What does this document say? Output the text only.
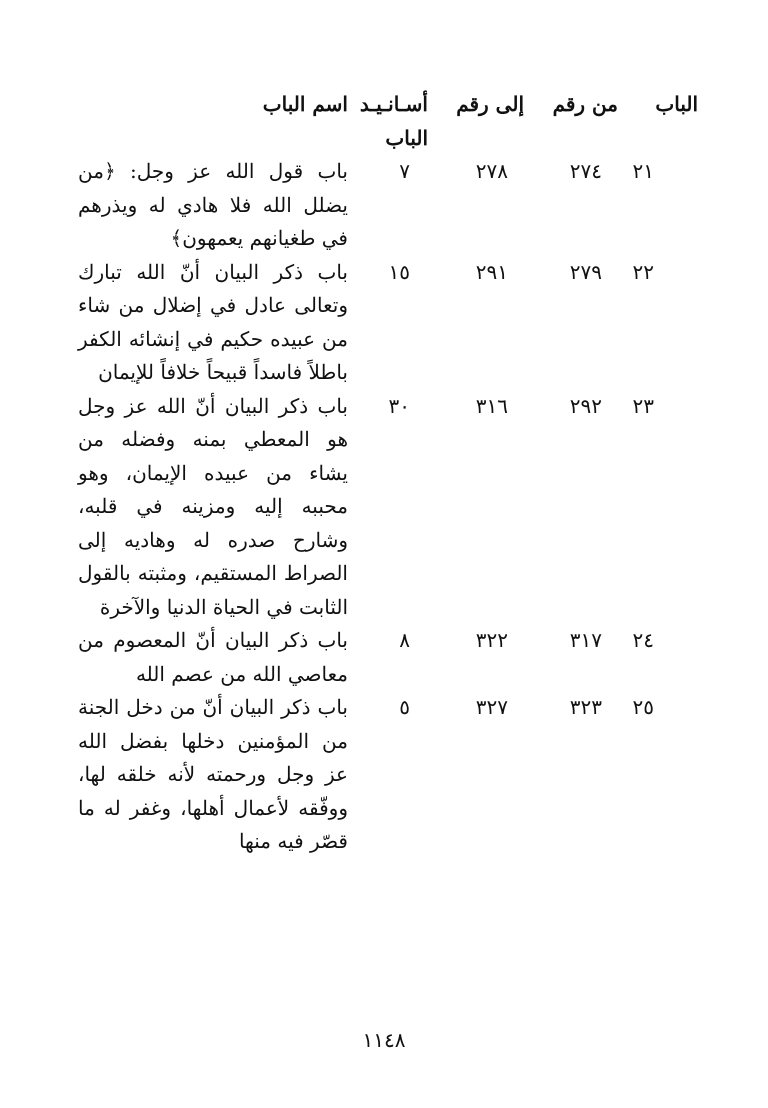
الباب
من رقم
إلى رقم
أسـانـيـد الباب
اسم الباب
٢١
٢٧٤
٢٧٨
٧
باب قول الله عز وجل: ﴿من يضلل الله فلا هادي له ويذرهم في طغيانهم يعمهون﴾
٢٢
٢٧٩
٢٩١
١٥
باب ذكر البيان أنّ الله تبارك وتعالى عادل في إضلال من شاء من عبيده حكيم في إنشائه الكفر باطلاً فاسداً قبيحاً خلافاً للإيمان
٢٣
٢٩٢
٣١٦
٣٠
باب ذكر البيان أنّ الله عز وجل هو المعطي بمنه وفضله من يشاء من عبيده الإيمان، وهو محببه إليه ومزينه في قلبه، وشارح صدره له وهاديه إلى الصراط المستقيم، ومثبته بالقول الثابت في الحياة الدنيا والآخرة
٢٤
٣١٧
٣٢٢
٨
باب ذكر البيان أنّ المعصوم من معاصي الله من عصم الله
٢٥
٣٢٣
٣٢٧
٥
باب ذكر البيان أنّ من دخل الجنة من المؤمنين دخلها بفضل الله عز وجل ورحمته لأنه خلقه لها، ووفّقه لأعمال أهلها، وغفر له ما قصّر فيه منها
١١٤٨
